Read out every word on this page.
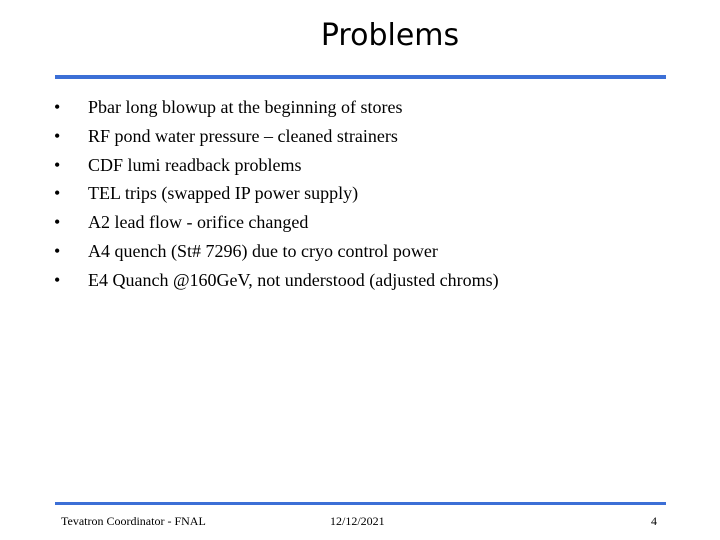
Problems
•	Pbar long blowup at the beginning of stores
•	RF pond water pressure – cleaned strainers
•	CDF lumi readback problems
•	TEL trips (swapped IP power supply)
•	A2 lead flow - orifice changed
•	A4 quench (St# 7296) due to cryo control power
•	E4 Quanch @160GeV, not understood (adjusted chroms)
Tevatron Coordinator - FNAL	12/12/2021	4
